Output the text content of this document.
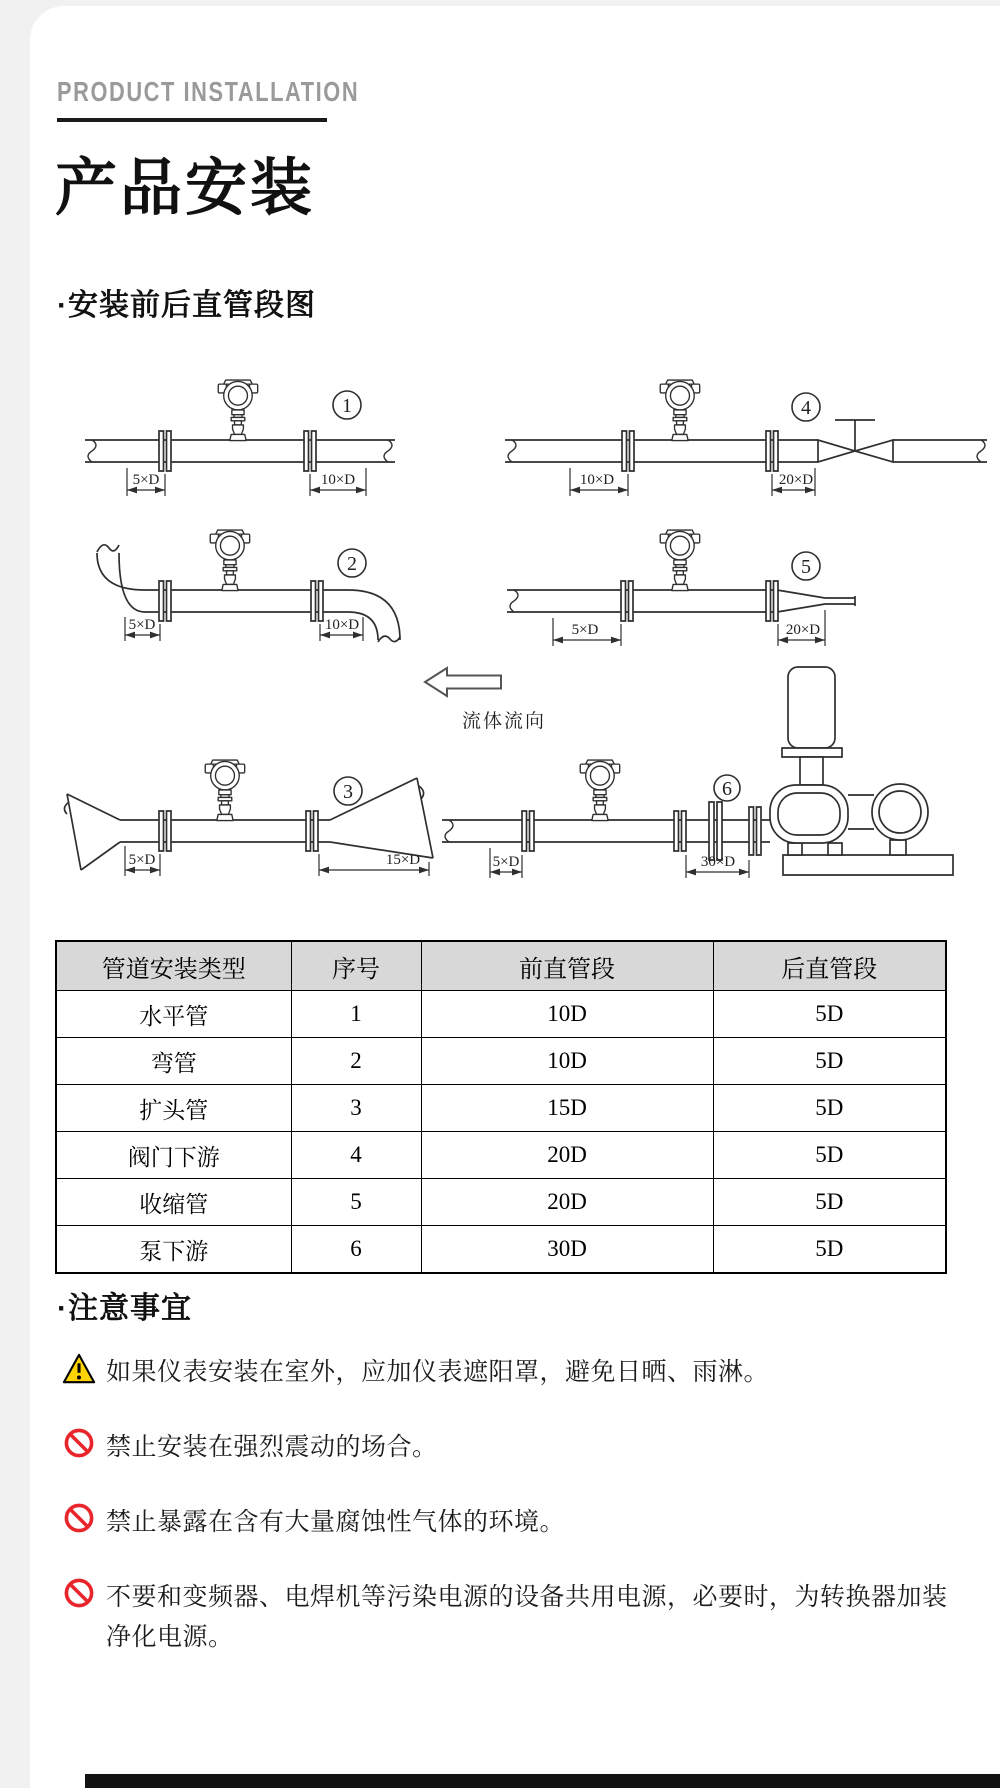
PRODUCT INSTALLATION
产品安装
·安装前后直管段图
1
5×D	10×D
4
10×D	20×D
2
5×D	10×D
5
5×D	20×D
流体流向
3
5×D	15×D
6
5×D	30×D
管道安装类型	序号	前直管段	后直管段
水平管	1	10D	5D
弯管	2	10D	5D
扩头管	3	15D	5D
阀门下游	4	20D	5D
收缩管	5	20D	5D
泵下游	6	30D	5D
·注意事宜
如果仪表安装在室外，应加仪表遮阳罩，避免日晒、雨淋。
禁止安装在强烈震动的场合。
禁止暴露在含有大量腐蚀性气体的环境。
不要和变频器、电焊机等污染电源的设备共用电源，必要时，为转换器加装净化电源。
